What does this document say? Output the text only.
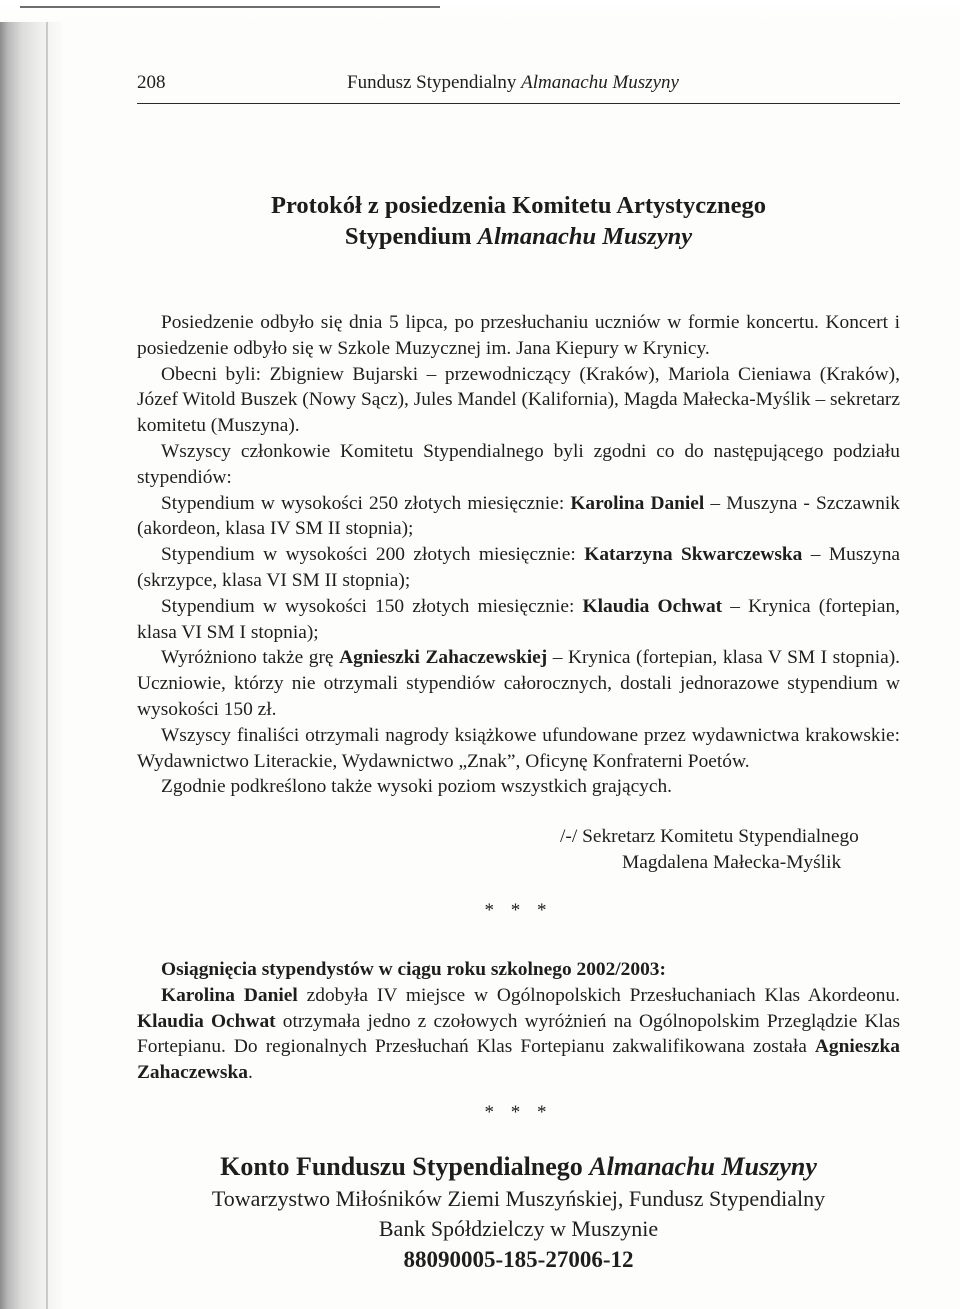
208	Fundusz Stypendialny Almanachu Muszyny
Protokół z posiedzenia Komitetu Artystycznego
Stypendium Almanachu Muszyny

Posiedzenie odbyło się dnia 5 lipca, po przesłuchaniu uczniów w formie koncertu. Koncert i posiedzenie odbyło się w Szkole Muzycznej im. Jana Kiepury w Krynicy.

Obecni byli: Zbigniew Bujarski – przewodniczący (Kraków), Mariola Cieniawa (Kraków), Józef Witold Buszek (Nowy Sącz), Jules Mandel (Kalifornia), Magda Małecka-Myślik – sekretarz komitetu (Muszyna).

Wszyscy członkowie Komitetu Stypendialnego byli zgodni co do następującego podziału stypendiów:

Stypendium w wysokości 250 złotych miesięcznie: Karolina Daniel – Muszyna - Szczawnik (akordeon, klasa IV SM II stopnia);

Stypendium w wysokości 200 złotych miesięcznie: Katarzyna Skwarczewska – Muszyna (skrzypce, klasa VI SM II stopnia);

Stypendium w wysokości 150 złotych miesięcznie: Klaudia Ochwat – Krynica (fortepian, klasa VI SM I stopnia);

Wyróżniono także grę Agnieszki Zahaczewskiej – Krynica (fortepian, klasa V SM I stopnia). Uczniowie, którzy nie otrzymali stypendiów całorocznych, dostali jednorazowe stypendium w wysokości 150 zł.

Wszyscy finaliści otrzymali nagrody książkowe ufundowane przez wydawnictwa krakowskie: Wydawnictwo Literackie, Wydawnictwo „Znak”, Oficynę Konfraterni Poetów.

Zgodnie podkreślono także wysoki poziom wszystkich grających.

/-/ Sekretarz Komitetu Stypendialnego
Magdalena Małecka-Myślik
* * *
Osiągnięcia stypendystów w ciągu roku szkolnego 2002/2003:

Karolina Daniel zdobyła IV miejsce w Ogólnopolskich Przesłuchaniach Klas Akordeonu. Klaudia Ochwat otrzymała jedno z czołowych wyróżnień na Ogólnopolskim Przeglądzie Klas Fortepianu. Do regionalnych Przesłuchań Klas Fortepianu zakwalifikowana została Agnieszka Zahaczewska.

* * *
Konto Funduszu Stypendialnego Almanachu Muszyny
Towarzystwo Miłośników Ziemi Muszyńskiej, Fundusz Stypendialny
Bank Spółdzielczy w Muszynie
88090005-185-27006-12
